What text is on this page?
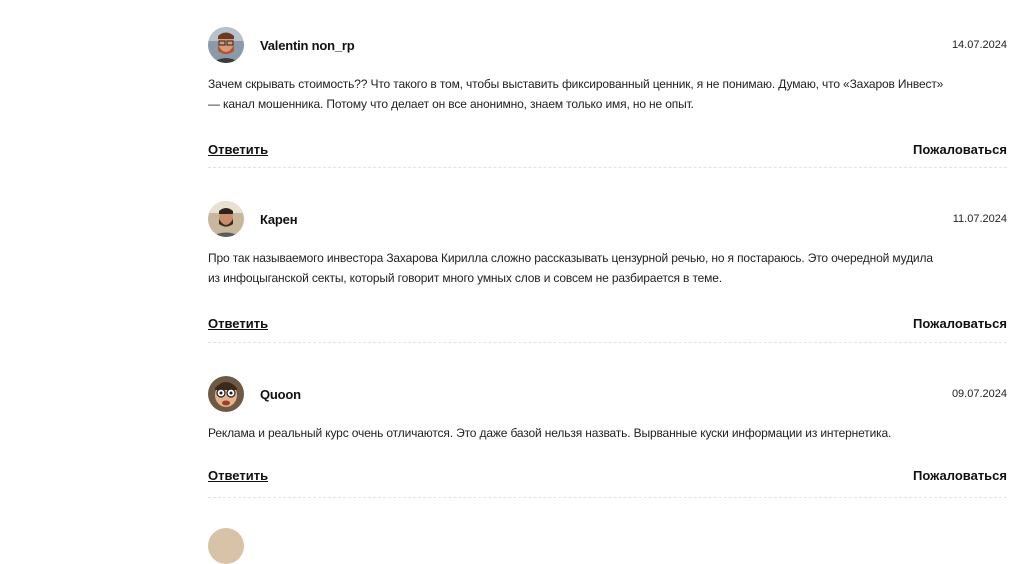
Valentin non_rp	14.07.2024
Зачем скрывать стоимость?? Что такого в том, чтобы выставить фиксированный ценник, я не понимаю. Думаю, что «Захаров Инвест»
— канал мошенника. Потому что делает он все анонимно, знаем только имя, но не опыт.
Ответить	Пожаловаться
Карен	11.07.2024
Про так называемого инвестора Захарова Кирилла сложно рассказывать цензурной речью, но я постараюсь. Это очередной мудила
из инфоцыганской секты, который говорит много умных слов и совсем не разбирается в теме.
Ответить	Пожаловаться
Quoon	09.07.2024
Реклама и реальный курс очень отличаются. Это даже базой нельзя назвать. Вырванные куски информации из интернетика.
Ответить	Пожаловаться
